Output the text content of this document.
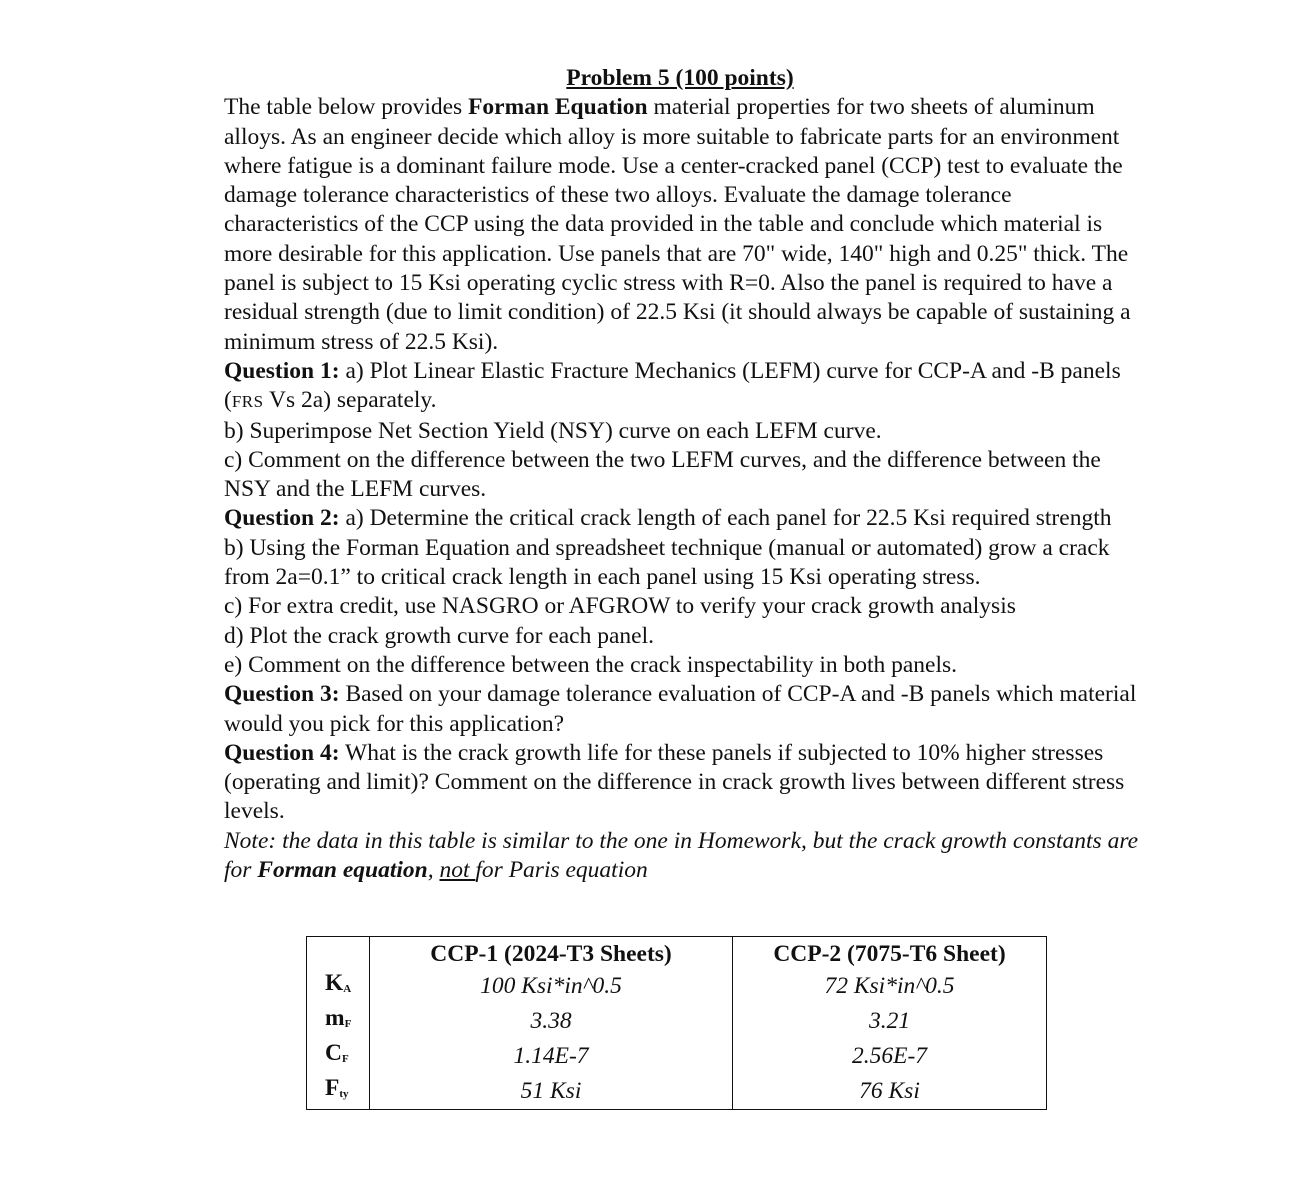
Problem 5 (100 points)

The table below provides Forman Equation material properties for two sheets of aluminum alloys. As an engineer decide which alloy is more suitable to fabricate parts for an environment where fatigue is a dominant failure mode. Use a center-cracked panel (CCP) test to evaluate the damage tolerance characteristics of these two alloys. Evaluate the damage tolerance characteristics of the CCP using the data provided in the table and conclude which material is more desirable for this application. Use panels that are 70" wide, 140" high and 0.25" thick. The panel is subject to 15 Ksi operating cyclic stress with R=0. Also the panel is required to have a residual strength (due to limit condition) of 22.5 Ksi (it should always be capable of sustaining a minimum stress of 22.5 Ksi).

Question 1: a) Plot Linear Elastic Fracture Mechanics (LEFM) curve for CCP-A and -B panels (FRS Vs 2a) separately.

b) Superimpose Net Section Yield (NSY) curve on each LEFM curve.

c) Comment on the difference between the two LEFM curves, and the difference between the NSY and the LEFM curves.

Question 2: a) Determine the critical crack length of each panel for 22.5 Ksi required strength

b) Using the Forman Equation and spreadsheet technique (manual or automated) grow a crack from 2a=0.1” to critical crack length in each panel using 15 Ksi operating stress.

c) For extra credit, use NASGRO or AFGROW to verify your crack growth analysis

d) Plot the crack growth curve for each panel.

e) Comment on the difference between the crack inspectability in both panels.

Question 3: Based on your damage tolerance evaluation of CCP-A and -B panels which material would you pick for this application?

Question 4: What is the crack growth life for these panels if subjected to 10% higher stresses (operating and limit)? Comment on the difference in crack growth lives between different stress levels.

Note: the data in this table is similar to the one in Homework, but the crack growth constants are for Forman equation, not for Paris equation

	CCP-1 (2024-T3 Sheets)	CCP-2 (7075-T6 Sheet)
$K_A$	100 Ksi*in^0.5	72 Ksi*in^0.5
$m_F$	3.38	3.21
$C_F$	1.14E-7	2.56E-7
$F_{ty}$	51 Ksi	76 Ksi
